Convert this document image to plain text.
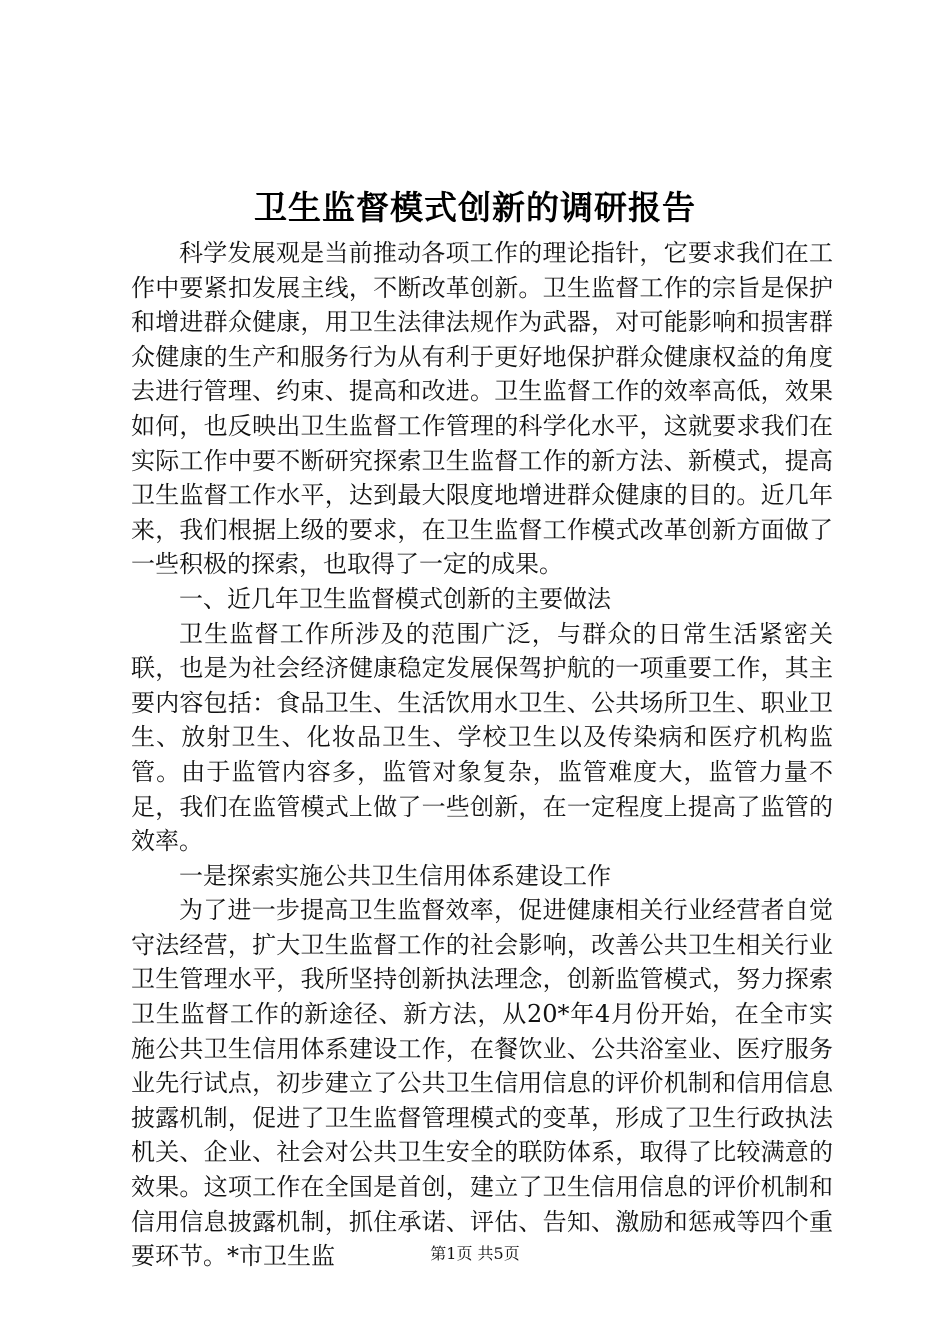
卫生监督模式创新的调研报告

科学发展观是当前推动各项工作的理论指针，它要求我们在工作中要紧扣发展主线，不断改革创新。卫生监督工作的宗旨是保护和增进群众健康，用卫生法律法规作为武器，对可能影响和损害群众健康的生产和服务行为从有利于更好地保护群众健康权益的角度去进行管理、约束、提高和改进。卫生监督工作的效率高低，效果如何，也反映出卫生监督工作管理的科学化水平，这就要求我们在实际工作中要不断研究探索卫生监督工作的新方法、新模式，提高卫生监督工作水平，达到最大限度地增进群众健康的目的。近几年来，我们根据上级的要求，在卫生监督工作模式改革创新方面做了一些积极的探索，也取得了一定的成果。

一、近几年卫生监督模式创新的主要做法

卫生监督工作所涉及的范围广泛，与群众的日常生活紧密关联，也是为社会经济健康稳定发展保驾护航的一项重要工作，其主要内容包括：食品卫生、生活饮用水卫生、公共场所卫生、职业卫生、放射卫生、化妆品卫生、学校卫生以及传染病和医疗机构监管。由于监管内容多，监管对象复杂，监管难度大，监管力量不足，我们在监管模式上做了一些创新，在一定程度上提高了监管的效率。

一是探索实施公共卫生信用体系建设工作

为了进一步提高卫生监督效率，促进健康相关行业经营者自觉守法经营，扩大卫生监督工作的社会影响，改善公共卫生相关行业卫生管理水平，我所坚持创新执法理念，创新监管模式，努力探索卫生监督工作的新途径、新方法，从20*年4月份开始，在全市实施公共卫生信用体系建设工作，在餐饮业、公共浴室业、医疗服务业先行试点，初步建立了公共卫生信用信息的评价机制和信用信息披露机制，促进了卫生监督管理模式的变革，形成了卫生行政执法机关、企业、社会对公共卫生安全的联防体系，取得了比较满意的效果。这项工作在全国是首创，建立了卫生信用信息的评价机制和信用信息披露机制，抓住承诺、评估、告知、激励和惩戒等四个重要环节。*市卫生监	第1页 共5页
